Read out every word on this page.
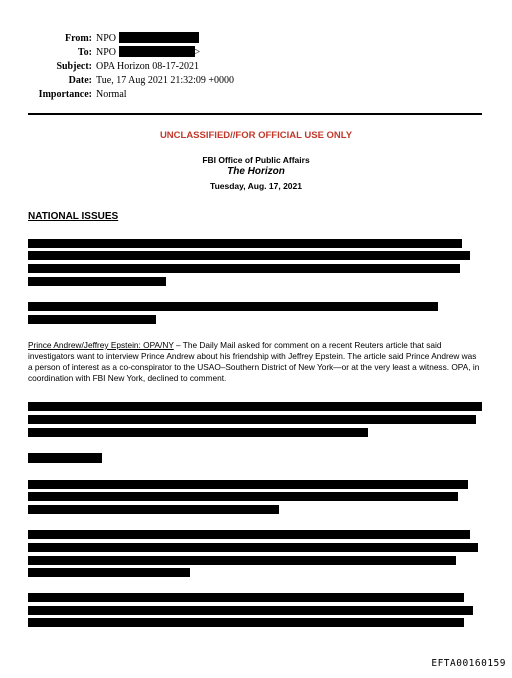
From: NPO
To: NPO	>
Subject: OPA Horizon 08-17-2021
Date: Tue, 17 Aug 2021 21:32:09 +0000
Importance: Normal
UNCLASSIFIED//FOR OFFICIAL USE ONLY
FBI Office of Public Affairs
The Horizon
Tuesday, Aug. 17, 2021
NATIONAL ISSUES
Prince Andrew/Jeffrey Epstein: OPA/NY – The Daily Mail asked for comment on a recent Reuters article that said investigators want to interview Prince Andrew about his friendship with Jeffrey Epstein. The article said Prince Andrew was a person of interest as a co-conspirator to the USAO–Southern District of New York—or at the very least a witness. OPA, in coordination with FBI New York, declined to comment.
EFTA00160159
